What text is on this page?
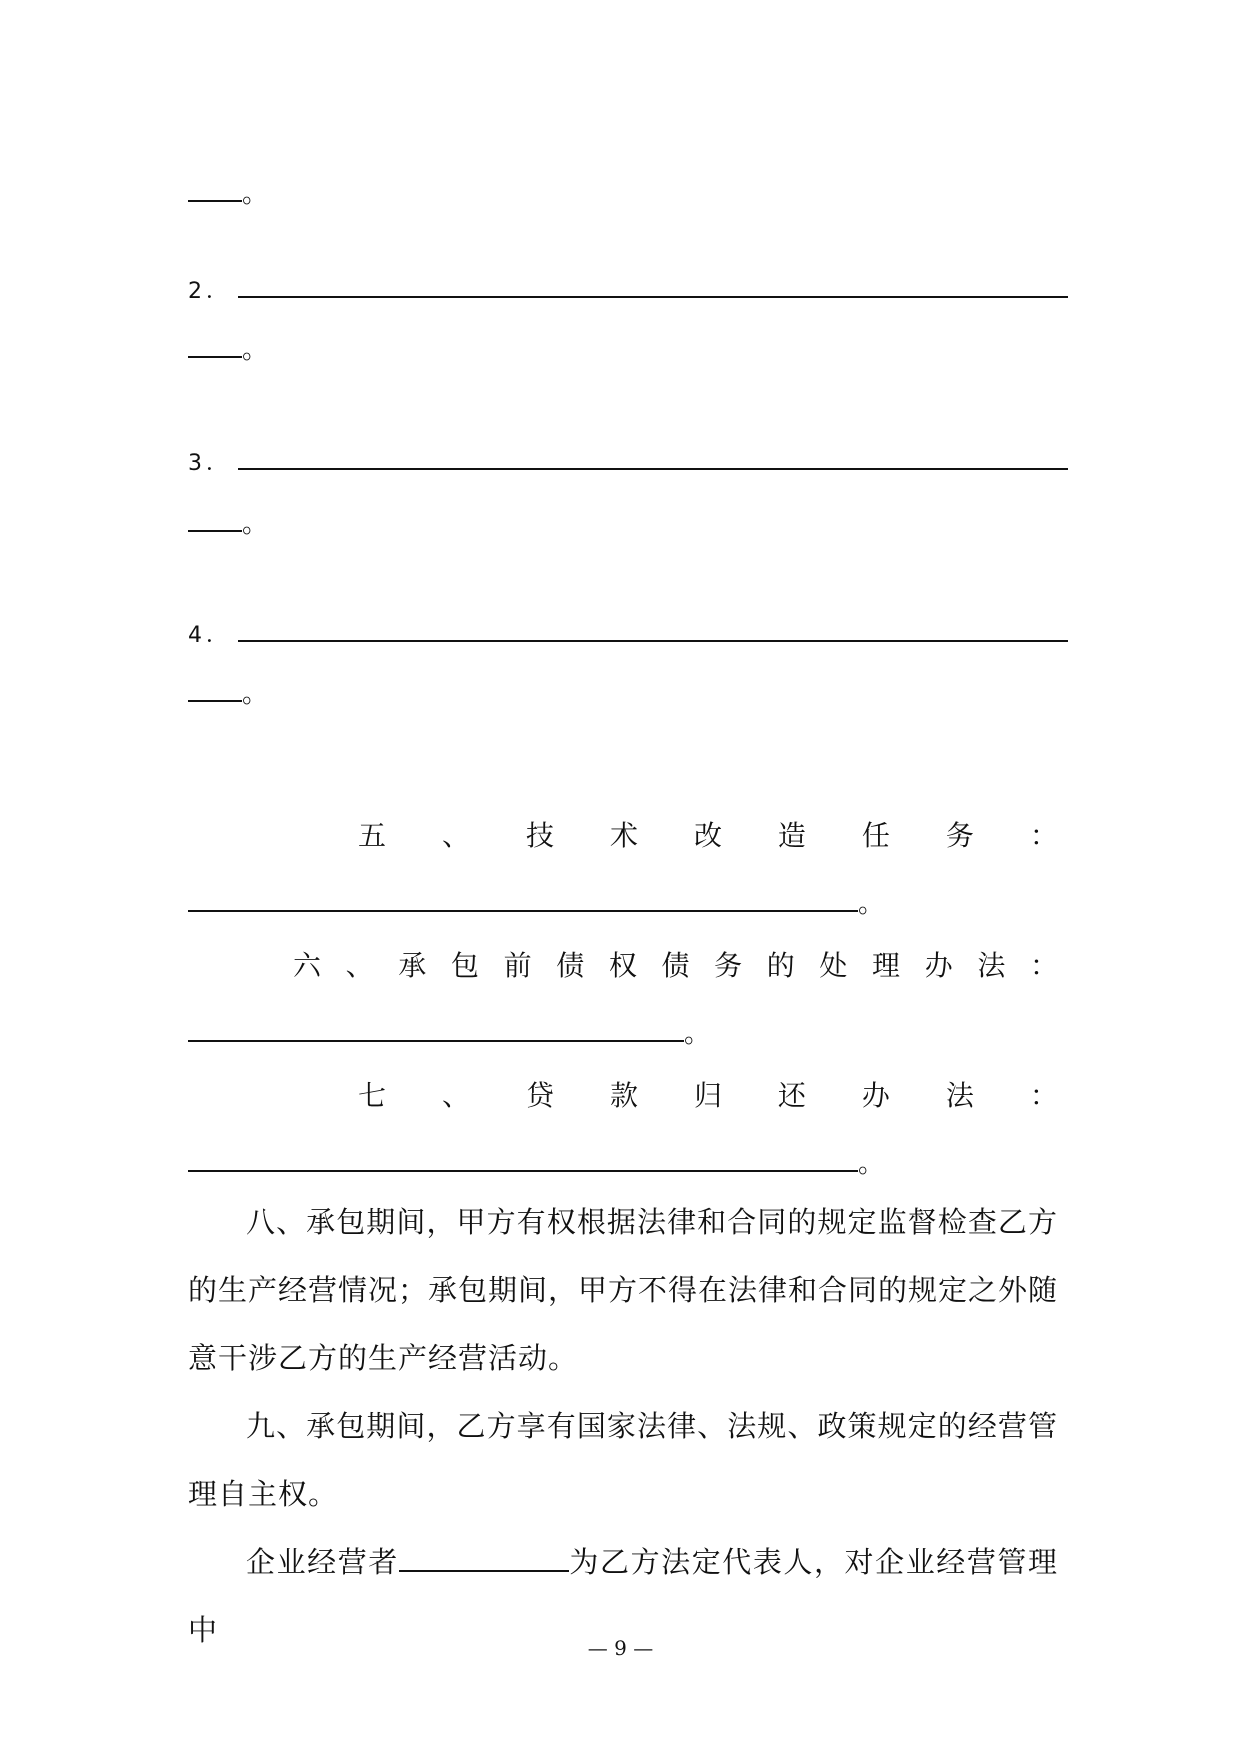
。
2．
。
3．
。
4．
。
五 、 技 术 改 造 任 务 ：
。
六 、 承 包 前 债 权 债 务 的 处 理 办 法 ：
。
七 、 贷 款 归 还 办 法 ：
。

八、承包期间，甲方有权根据法律和合同的规定监督检查乙方的生产经营情况；承包期间，甲方不得在法律和合同的规定之外随意干涉乙方的生产经营活动。

九、承包期间，乙方享有国家法律、法规、政策规定的经营管理自主权。

企业经营者	为乙方法定代表人，对企业经营管理中

— 9 —
